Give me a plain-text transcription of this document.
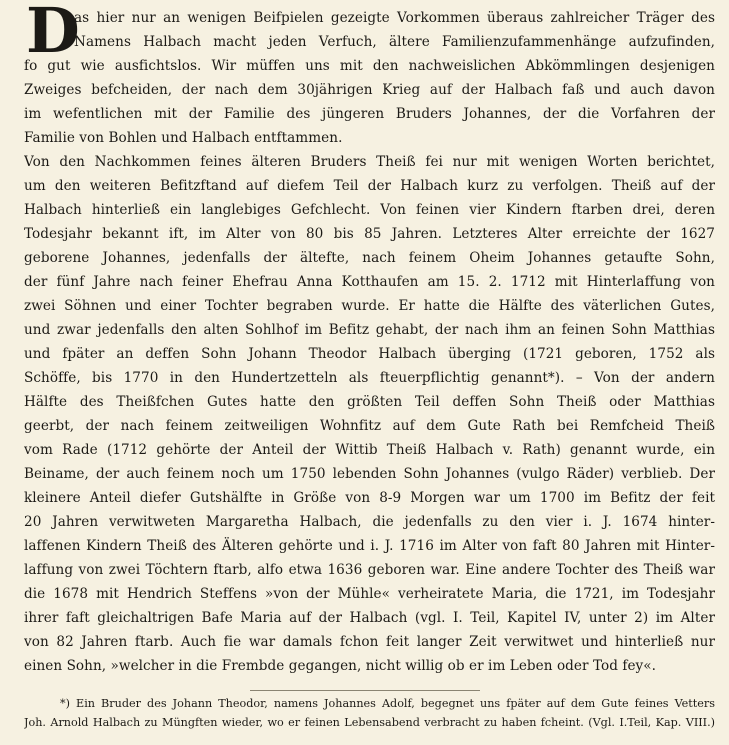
D
as hier nur an wenigen Beifpielen gezeigte Vorkommen überaus zahlreicher Träger des
Namens Halbach macht jeden Verfuch, ältere Familienzufammenhänge aufzufinden,
fo gut wie ausfichtslos. Wir müffen uns mit den nachweislichen Abkömmlingen desjenigen
Zweiges befcheiden, der nach dem 30jährigen Krieg auf der Halbach faß und auch davon
im wefentlichen mit der Familie des jüngeren Bruders Johannes, der die Vorfahren der
Familie von Bohlen und Halbach entftammen.
Von den Nachkommen feines älteren Bruders Theiß fei nur mit wenigen Worten berichtet,
um den weiteren Befitzftand auf diefem Teil der Halbach kurz zu verfolgen. Theiß auf der
Halbach hinterließ ein langlebiges Gefchlecht. Von feinen vier Kindern ftarben drei, deren
Todesjahr bekannt ift, im Alter von 80 bis 85 Jahren. Letzteres Alter erreichte der 1627
geborene Johannes, jedenfalls der ältefte, nach feinem Oheim Johannes getaufte Sohn,
der fünf Jahre nach feiner Ehefrau Anna Kotthaufen am 15. 2. 1712 mit Hinterlaffung von
zwei Söhnen und einer Tochter begraben wurde. Er hatte die Hälfte des väterlichen Gutes,
und zwar jedenfalls den alten Sohlhof im Befitz gehabt, der nach ihm an feinen Sohn Matthias
und fpäter an deffen Sohn Johann Theodor Halbach überging (1721 geboren, 1752 als
Schöffe, bis 1770 in den Hundertzetteln als fteuerpflichtig genannt*). – Von der andern
Hälfte des Theißfchen Gutes hatte den größten Teil deffen Sohn Theiß oder Matthias
geerbt, der nach feinem zeitweiligen Wohnfitz auf dem Gute Rath bei Remfcheid Theiß
vom Rade (1712 gehörte der Anteil der Wittib Theiß Halbach v. Rath) genannt wurde, ein
Beiname, der auch feinem noch um 1750 lebenden Sohn Johannes (vulgo Räder) verblieb. Der
kleinere Anteil diefer Gutshälfte in Größe von 8-9 Morgen war um 1700 im Befitz der feit
20 Jahren verwitweten Margaretha Halbach, die jedenfalls zu den vier i. J. 1674 hinter-
laffenen Kindern Theiß des Älteren gehörte und i. J. 1716 im Alter von faft 80 Jahren mit Hinter-
laffung von zwei Töchtern ftarb, alfo etwa 1636 geboren war. Eine andere Tochter des Theiß war
die 1678 mit Hendrich Steffens »von der Mühle« verheiratete Maria, die 1721, im Todesjahr
ihrer faft gleichaltrigen Bafe Maria auf der Halbach (vgl. I. Teil, Kapitel IV, unter 2) im Alter
von 82 Jahren ftarb. Auch fie war damals fchon feit langer Zeit verwitwet und hinterließ nur
einen Sohn, »welcher in die Frembde gegangen, nicht willig ob er im Leben oder Tod fey«.
*) Ein Bruder des Johann Theodor, namens Johannes Adolf, begegnet uns fpäter auf dem Gute feines Vetters
Joh. Arnold Halbach zu Müngften wieder, wo er feinen Lebensabend verbracht zu haben fcheint. (Vgl. I.Teil, Kap. VIII.)
